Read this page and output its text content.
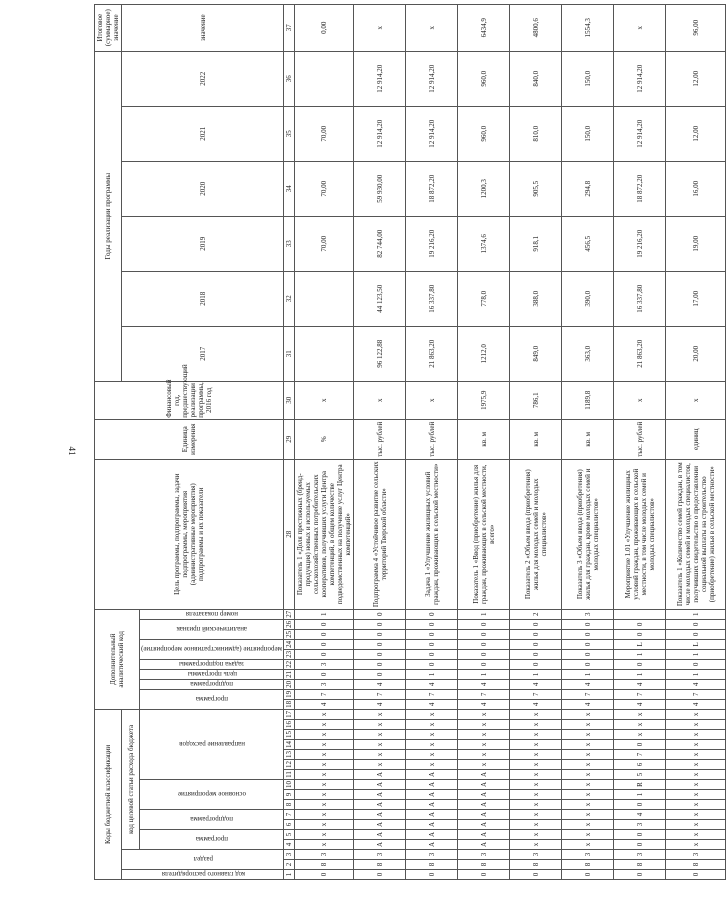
41
Коды бюджетной классификации																	Дополнительный аналитический код										Цель программы, подпрограммы, задачи подпрограммы, мероприятия (административные мероприятия) подпрограммы и их показатели	Единица измерения	Финансовый год, предшествующий реализации программы, 2016 год	Годы реализации программы						Итоговое (суммарное) значение
код главного распорядителя	раздел		код целевой статьи расхода бюджета																											2017	2018	2019	2020	2021	2022	значение
			программа		подпрограмма		основное мероприятие			направление расходов							программа		подпрограмма	цель программы	задача подпрограммы	мероприятие (административное мероприятие)		аналитический признак		номер показателя										
1	2	3	4	5	6	7	8	9	10	11	12	13	14	15	16	17	18	19	20	21	22	23	24	25	26	27	28	29	30	31	32	33	34	35	36	37
0	8	3	х	х	х	х	х	х	х	х	х	х	х	х	х	х	4	7	3	0	3	0	0	0	0	1	Показатель 1 «Доля престижных (бренд-продукция) новых и используемых сельскохозяйственных потребительских кооперативов, получивших услуги Центра компетенций, в общем количестве подведомственных на получение услуг Центра компетенций»	%	х			70,00	70,00	70,00		0,00
0	8	3	А	А	А	А	А	А	А	А	х	х	х	х	х	х	4	7	4	0	0	0	0	0	0	0	Подпрограмма 4 «Устойчивое развитие сельских территорий Тверской области»	тыс. рублей	х	96 122,88	44 123,50	82 744,00	59 930,00	12 914,20	12 914,20	х
0	8	3	А	А	А	А	А	А	А	А	х	х	х	х	х	х	4	7	4	1	0	0	0	0	0	0	Задача 1 «Улучшение жилищных условий граждан, проживающих в сельской местности»	тыс. рублей	х	21 863,20	16 337,80	19 216,20	18 872,20	12 914,20	12 914,20	х
0	8	3	А	А	А	А	А	А	А	А	х	х	х	х	х	х	4	7	4	1	0	0	0	0	0	1	Показатель 1 «Ввод (приобретение) жилья для граждан, проживающих в сельской местности, всего»	кв. м	1975,9	1212,0	778,0	1374,6	1200,3	960,0	960,0	6434,9
0	8	3	х	х	х	х	х	х	х	х	х	х	х	х	х	х	4	7	4	1	0	0	0	0	0	2	Показатель 2 «Объем ввода (приобретения) жилья для молодых семей и молодых специалистов»	кв. м	786,1	849,0	388,0	918,1	905,5	810,0	840,0	4800,6
0	8	3	х	х	х	х	х	х	х	х	х	х	х	х	х	х	4	7	4	1	0	0	0	0	0	3	Показатель 3 «Объем ввода (приобретения) жилья для граждан, кроме молодых семей и молодых специалистов»	кв. м	1189,8	363,0	390,0	456,5	294,8	150,0	150,0	1554,3
0	8	3	0	0	3	4	0	1	R	5	6	7	0	х	х	х	4	7	4	1	0	1	L	0	0		Мероприятие 1.01 «Улучшение жилищных условий граждан, проживающих в сельской местности, в том числе молодых семей и молодых специалистов»	тыс. рублей	х	21 863,20	16 337,80	19 216,20	18 872,20	12 914,20	12 914,20	х
0	8	3	х	х	х	х	х	х	х	х	х	х	х	х	х	х	4	7	4	1	0	1	L	0	0	1	Показатель 1 «Количество семей граждан, в том числе молодых семей и молодых специалистов, получивших свидетельство о предоставлении социальной выплаты на строительство (приобретение) жилья в сельской местности»	единиц	х	20,00	17,00	19,00	16,00	12,00	12,00	96,00
